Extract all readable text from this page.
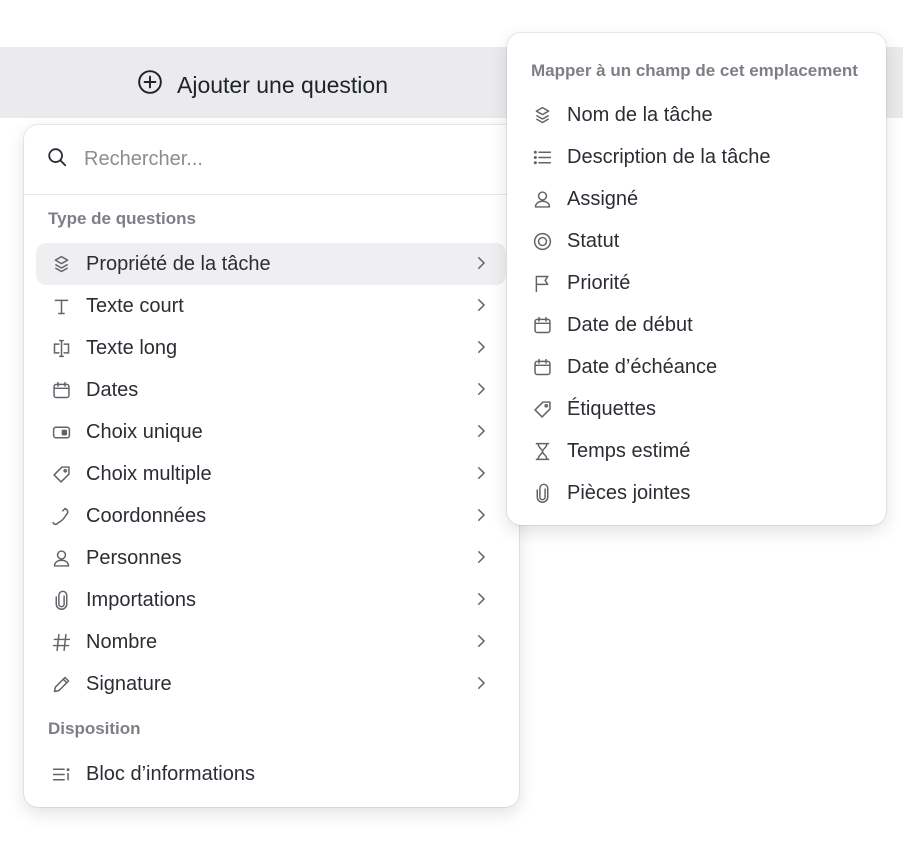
Ajouter une question
Rechercher...
Type de questions
Propriété de la tâche
Texte court
Texte long
Dates
Choix unique
Choix multiple
Coordonnées
Personnes
Importations
Nombre
Signature
Disposition
Bloc d’informations
Mapper à un champ de cet emplacement
Nom de la tâche
Description de la tâche
Assigné
Statut
Priorité
Date de début
Date d’échéance
Étiquettes
Temps estimé
Pièces jointes
